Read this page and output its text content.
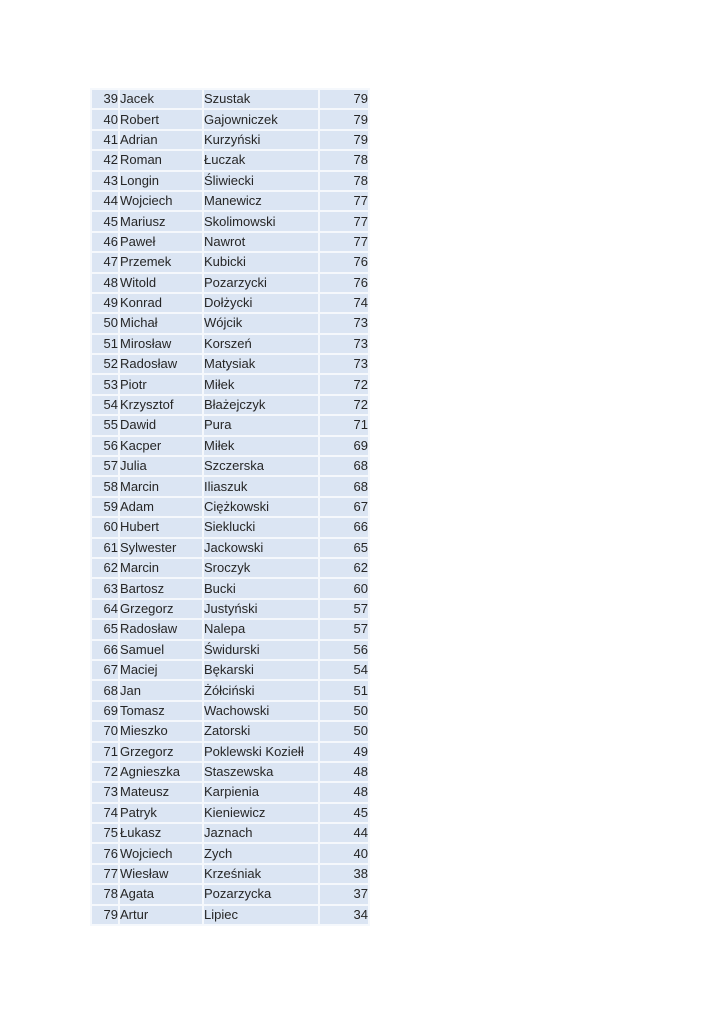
39	Jacek	Szustak	79
40	Robert	Gajowniczek	79
41	Adrian	Kurzyński	79
42	Roman	Łuczak	78
43	Longin	Śliwiecki	78
44	Wojciech	Manewicz	77
45	Mariusz	Skolimowski	77
46	Paweł	Nawrot	77
47	Przemek	Kubicki	76
48	Witold	Pozarzycki	76
49	Konrad	Dołżycki	74
50	Michał	Wójcik	73
51	Mirosław	Korszeń	73
52	Radosław	Matysiak	73
53	Piotr	Miłek	72
54	Krzysztof	Błażejczyk	72
55	Dawid	Pura	71
56	Kacper	Miłek	69
57	Julia	Szczerska	68
58	Marcin	Iliaszuk	68
59	Adam	Ciężkowski	67
60	Hubert	Sieklucki	66
61	Sylwester	Jackowski	65
62	Marcin	Sroczyk	62
63	Bartosz	Bucki	60
64	Grzegorz	Justyński	57
65	Radosław	Nalepa	57
66	Samuel	Świdurski	56
67	Maciej	Bękarski	54
68	Jan	Żółciński	51
69	Tomasz	Wachowski	50
70	Mieszko	Zatorski	50
71	Grzegorz	Poklewski Koziełł	49
72	Agnieszka	Staszewska	48
73	Mateusz	Karpienia	48
74	Patryk	Kieniewicz	45
75	Łukasz	Jaznach	44
76	Wojciech	Zych	40
77	Wiesław	Krześniak	38
78	Agata	Pozarzycka	37
79	Artur	Lipiec	34
